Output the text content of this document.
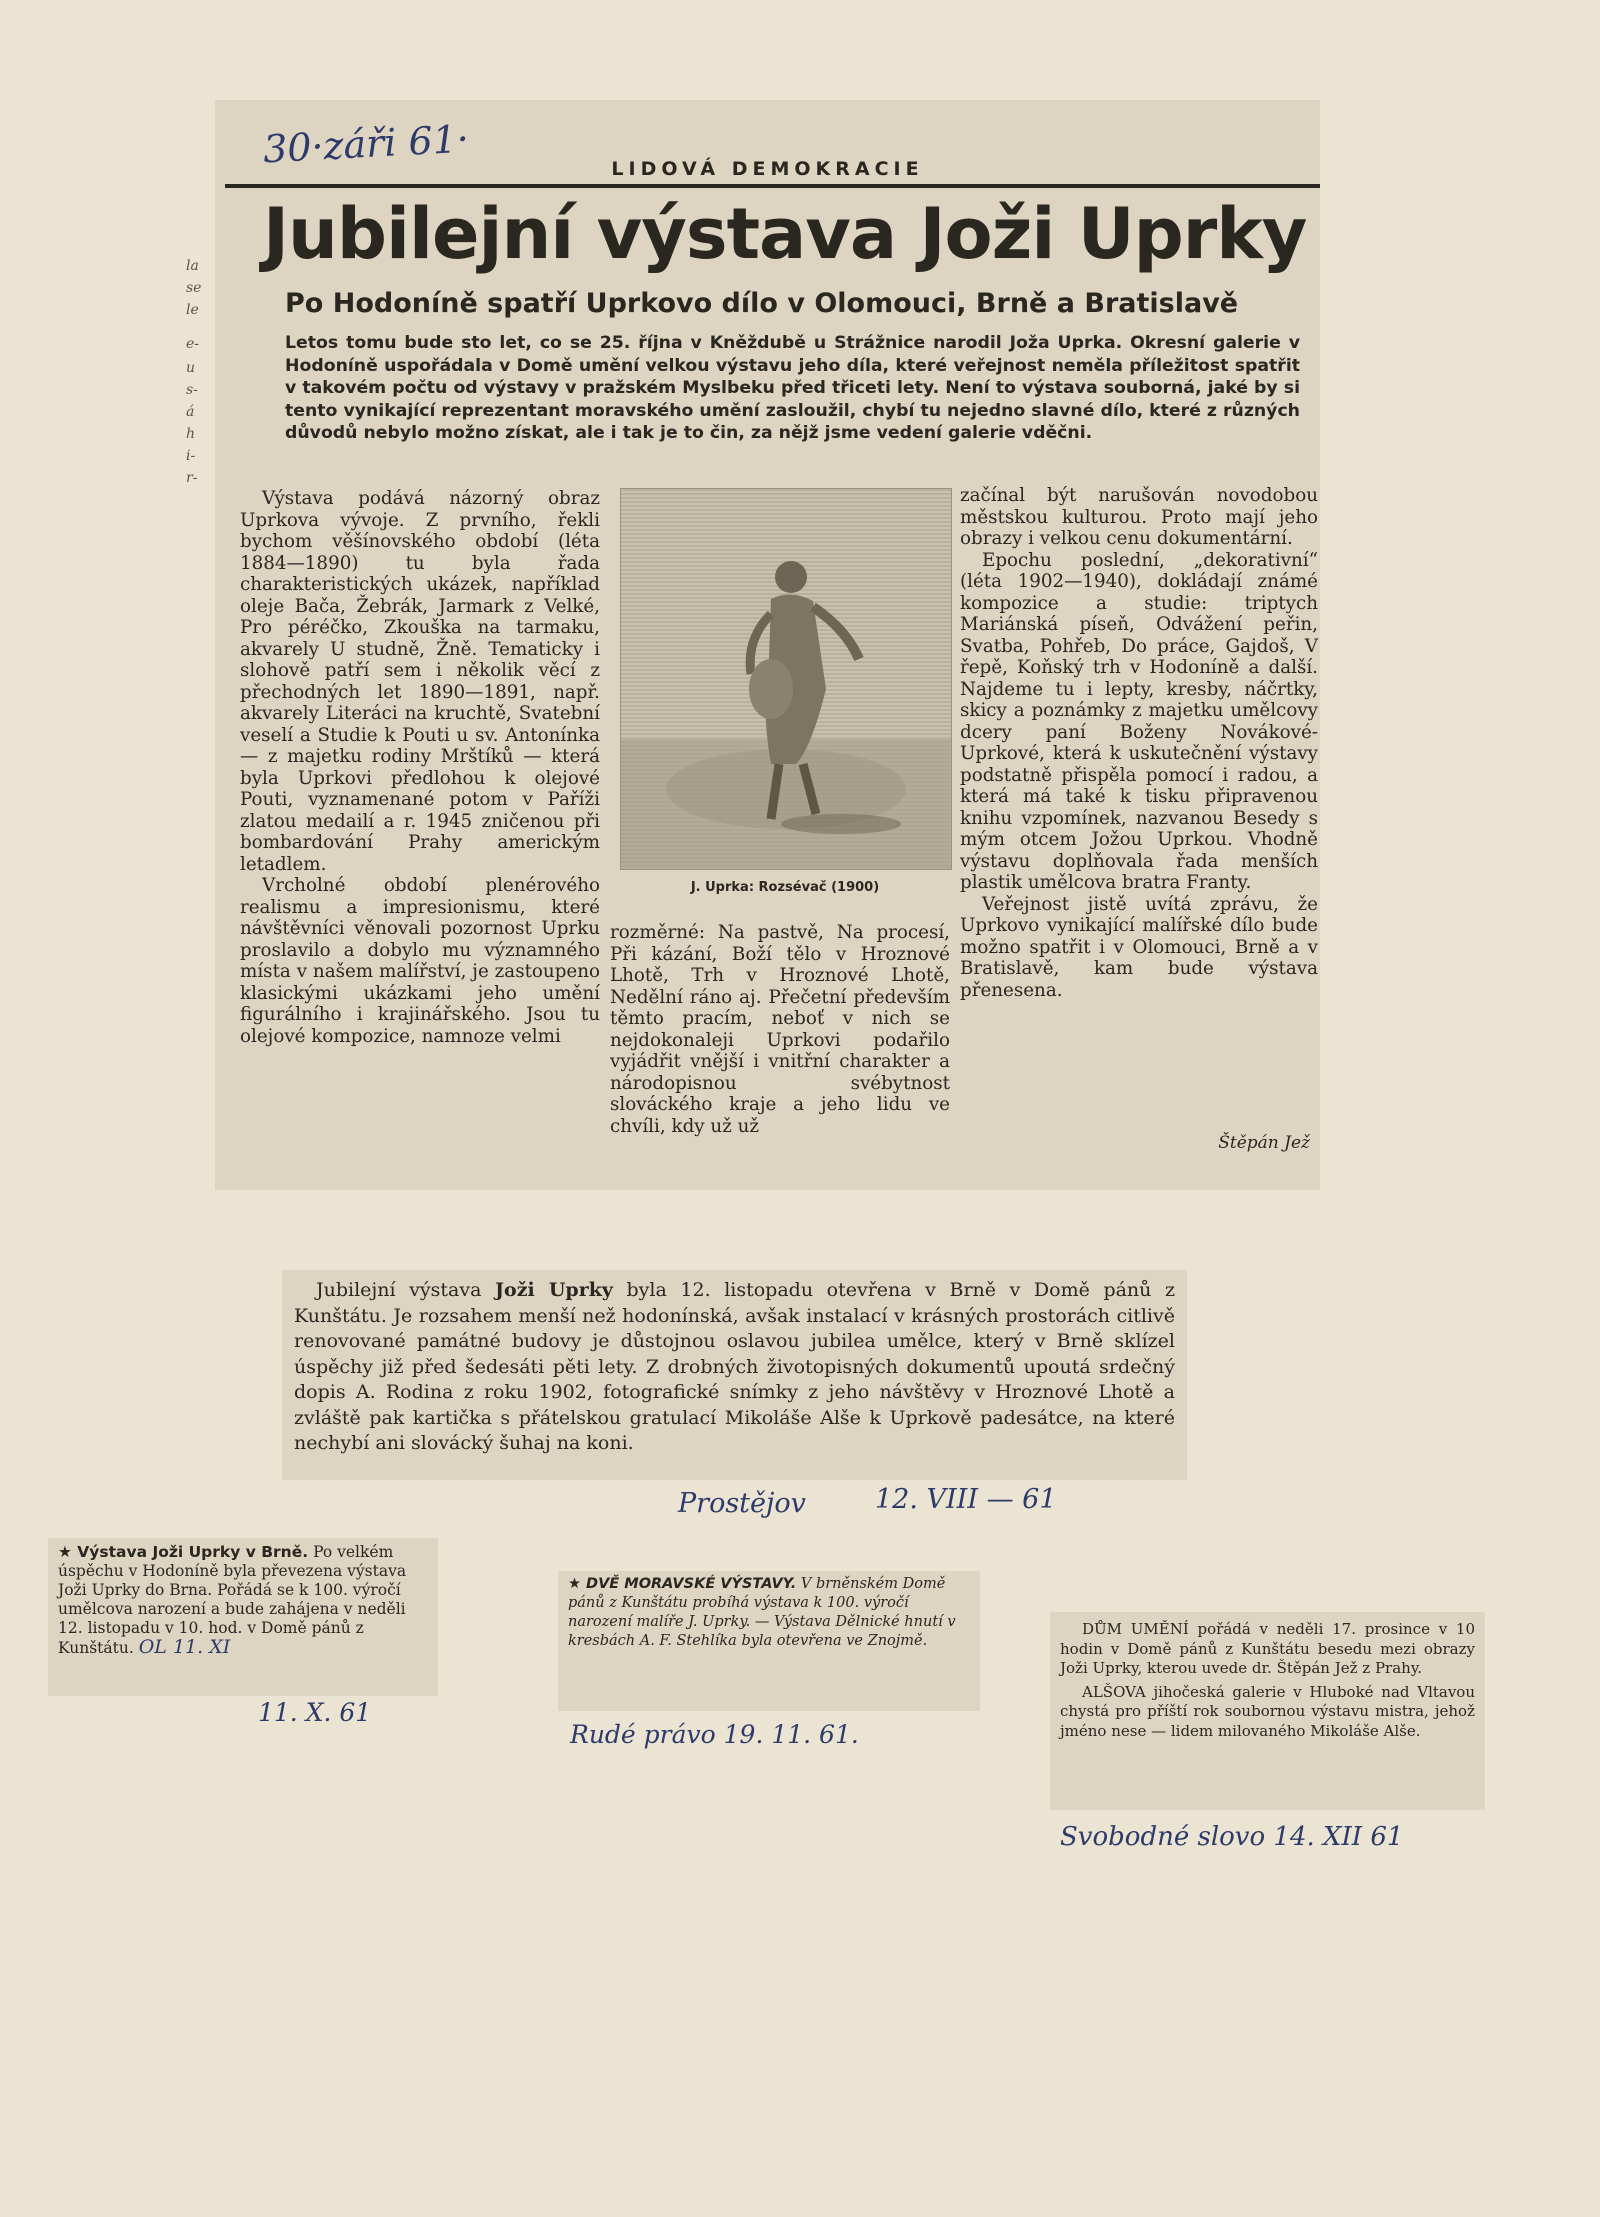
30·záři 61·	LIDOVÁ DEMOKRACIE
Jubilejní výstava Joži Uprky
Po Hodoníně spatří Uprkovo dílo v Olomouci, Brně a Bratislavě
Letos tomu bude sto let, co se 25. října v Kněždubě u Strážnice narodil Joža Uprka. Okresní galerie v Hodoníně uspořádala v Domě umění velkou výstavu jeho díla, které veřejnost neměla příležitost spatřit v takovém počtu od výstavy v pražském Myslbeku před třiceti lety. Není to výstava souborná, jaké by si tento vynikající reprezentant moravského umění zasloužil, chybí tu nejedno slavné dílo, které z různých důvodů nebylo možno získat, ale i tak je to čin, za nějž jsme vedení galerie vděčni.

Výstava podává názorný obraz Uprkova vývoje. Z prvního, řekli bychom věšínovského období (léta 1884—1890) tu byla řada charakteristických ukázek, například oleje Bača, Žebrák, Jarmark z Velké, Pro péréčko, Zkouška na tarmaku, akvarely U studně, Žně. Tematicky i slohově patří sem i několik věcí z přechodných let 1890—1891, např. akvarely Literáci na kruchtě, Svatební veselí a Studie k Pouti u sv. Antonínka — z majetku rodiny Mrštíků — která byla Uprkovi předlohou k olejové Pouti, vyznamenané potom v Paříži zlatou medailí a r. 1945 zničenou při bombardování Prahy americkým letadlem.

Vrcholné období plenérového realismu a impresionismu, které návštěvníci věnovali pozornost Uprku proslavilo a dobylo mu významného místa v našem malířství, je zastoupeno klasickými ukázkami jeho umění figurálního i krajinářského. Jsou tu olejové kompozice, namnoze velmi

J. Uprka: Rozsévač (1900)
rozměrné: Na pastvě, Na procesí, Při kázání, Boží tělo v Hroznové Lhotě, Trh v Hroznové Lhotě, Nedělní ráno aj. Přečetní především těmto pracím, neboť v nich se nejdokonaleji Uprkovi podařilo vyjádřit vnější i vnitřní charakter a národopisnou svébytnost slováckého kraje a jeho lidu ve chvíli, kdy už už

začínal být narušován novodobou městskou kulturou. Proto mají jeho obrazy i velkou cenu dokumentární.

Epochu poslední, „dekorativní“ (léta 1902—1940), dokládají známé kompozice a studie: triptych Mariánská píseň, Odvážení peřin, Svatba, Pohřeb, Do práce, Gajdoš, V řepě, Koňský trh v Hodoníně a další. Najdeme tu i lepty, kresby, náčrtky, skicy a poznámky z majetku umělcovy dcery paní Boženy Novákové-Uprkové, která k uskutečnění výstavy podstatně přispěla pomocí i radou, a která má také k tisku připravenou knihu vzpomínek, nazvanou Besedy s mým otcem Jožou Uprkou. Vhodně výstavu doplňovala řada menších plastik umělcova bratra Franty.

Veřejnost jistě uvítá zprávu, že Uprkovo vynikající malířské dílo bude možno spatřit i v Olomouci, Brně a v Bratislavě, kam bude výstava přenesena.

Štěpán Jež
la
se
le
e-
u
s-
á
h
i-
r-

Jubilejní výstava Joži Uprky byla 12. listopadu otevřena v Brně v Domě pánů z Kunštátu. Je rozsahem menší než hodonínská, avšak instalací v krásných prostorách citlivě renovované památné budovy je důstojnou oslavou jubilea umělce, který v Brně sklízel úspěchy již před šedesáti pěti lety. Z drobných životopisných dokumentů upoutá srdečný dopis A. Rodina z roku 1902, fotografické snímky z jeho návštěvy v Hroznové Lhotě a zvláště pak kartička s přátelskou gratulací Mikoláše Alše k Uprkově padesátce, na které nechybí ani slovácký šuhaj na koni.

Prostějov	12. VIII — 61
★ Výstava Joži Uprky v Brně. Po velkém úspěchu v Hodoníně byla převezena výstava Joži Uprky do Brna. Pořádá se k 100. výročí umělcova narození a bude zahájena v neděli 12. listopadu v 10. hod. v Domě pánů z Kunštátu. OL 11. XI
11. X. 61
★ DVĚ MORAVSKÉ VÝSTAVY. V brněnském Domě pánů z Kunštátu probíhá výstava k 100. výročí narození malíře J. Uprky. — Výstava Dělnické hnutí v kresbách A. F. Stehlíka byla otevřena ve Znojmě.
Rudé právo 19. 11. 61.

DŮM UMĚNÍ pořádá v neděli 17. prosince v 10 hodin v Domě pánů z Kunštátu besedu mezi obrazy Joži Uprky, kterou uvede dr. Štěpán Jež z Prahy.

ALŠOVA jihočeská galerie v Hluboké nad Vltavou chystá pro příští rok soubornou výstavu mistra, jehož jméno nese — lidem milovaného Mikoláše Alše.

Svobodné slovo 14. XII 61
